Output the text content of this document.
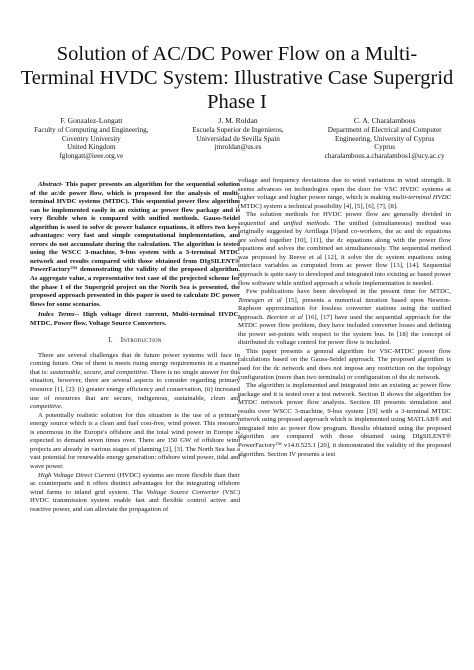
Solution of AC/DC Power Flow on a Multi-Terminal HVDC System: Illustrative Case Supergrid Phase I
F. Gonzalez-Longatt
Faculty of Computing and Engineering,
Coventry University
United Kingdom
fglongatt@ieee.org.ve
J. M. Roldan
Escuela Superior de Ingenieros,
Universidad de Sevilla Spain
jmroldan@us.es
C. A. Charalambous
Department of Electrical and Computer
Engineering, University of Cyprus
Cyprus
charalambous.a.charalambos1@ucy.ac.cy

Abstract- This paper presents an algorithm for the sequential solution of the ac/dc power flow, which is proposed for the analysis of multi-terminal HVDC systems (MTDC). This sequential power flow algorithm can be implemented easily in an existing ac power flow package and is very flexible when is compared with unified methods. Gauss-Seidel algorithm is used to solve dc power balance equations, it offers two keys advantages: very fast and simple computational implementation, and errors do not accumulate during the calculation. The algorithm is tested using the WSCC 3-machine, 9-bus system with a 3-terminal MTDC network and results compared with those obtained from DIgSILENT® PowerFactory™ demonstrating the validity of the proposed algorithm. As aggregate value, a representative test case of the projected scheme for the phase I of the Supergrid project on the North Sea is presented, the proposed approach presented in this paper is used to calculate DC power flows for some scenarios.

Index Terms-- High voltage direct current, Multi-terminal HVDC, MTDC, Power flow, Voltage Source Converters.

I. Introduction

There are several challenges that de future power systems will face in coming future. One of them is meets rising energy requirements in a manner that is: sustainable, secure, and competitive. There is no single answer for this situation, however, there are several aspects to consider regarding primary resource [1], [2]: (i) greater energy efficiency and conservation, (ii) increased use of resources that are secure, indigenous, sustainable, clean and competitive.

A potentially realistic solution for this situation is the use of a primary energy source which is a clean and fuel cost-free, wind power. This resource is enormous in the Europe's offshore and the total wind power in Europe is expected to demand seven times over. There are 150 GW of offshore wind projects are already in various stages of planning [2], [3]. The North Sea has a vast potential for renewable energy generation: offshore wind power, tidal and wave power.

High Voltage Direct Current (HVDC) systems are more flexible than their ac counterparts and it offers distinct advantages for the integrating offshore wind farms to inland grid system. The Voltage Source Converter (VSC) HVDC transmission system enable fast and flexible control active and reactive power, and can alleviate the propagation of

voltage and frequency deviations due to wind variations in wind strength. It seems advances on technologies open the door for VSC HVDC systems at higher voltage and higher power range, which is making multi-terminal HVDC (MTDC) system a technical possibility [4], [5], [6], [7], [8].

The solution methods for HVDC power flow are generally divided in sequential and unified methods. The unified (simultaneous) method was originally suggested by Arrillaga [9]and co-workers, the ac and dc equations are solved together [10], [11], the dc equations along with the power flow equations and solves the combined set simultaneously. The sequential method was proposed by Reeve et al [12], it solve the dc system equations using interface variables as computed from ac power flow [13], [14]. Sequential approach is quite easy to developed and integrated into existing ac based power flow software while unified approach a whole implementation is needed.

Few publications have been developed in the present time for MTDC, Temesgen et al [15], presents a numerical iteration based upon Newton-Raphson approximation for lossless converter stations using the unified approach. Beerten et al [16], [17] have used the sequential approach for the MTDC power flow problem, they have included converter losses and defining the power set-points with respect to the system bus. In [18] the concept of distributed dc voltage control for power flow is included.

This paper presents a general algorithm for VSC-MTDC power flow calculations based on the Gauss-Seidel approach. The proposed algorithm is used for the dc network and does not impose any restriction on the topology configuration (more than two terminals) or configuration of the dc network.

The algorithm is implemented and integrated into an existing ac power flow package and it is tested over a test network. Section II shows the algorithm for MTDC network power flow analysis. Section III presents simulation and results over WSCC 3-machine, 9-bus system [19] with a 3-terminal MTDC network using proposed approach which is implemented using MATLAB® and integrated into ac power flow program. Results obtained using the proposed algorithm are compared with those obtained using DIgSILENT® PowerFactory™ v14.0.525.1 [20], it demonstrated the validity of the proposed algorithm. Section IV presents a test
